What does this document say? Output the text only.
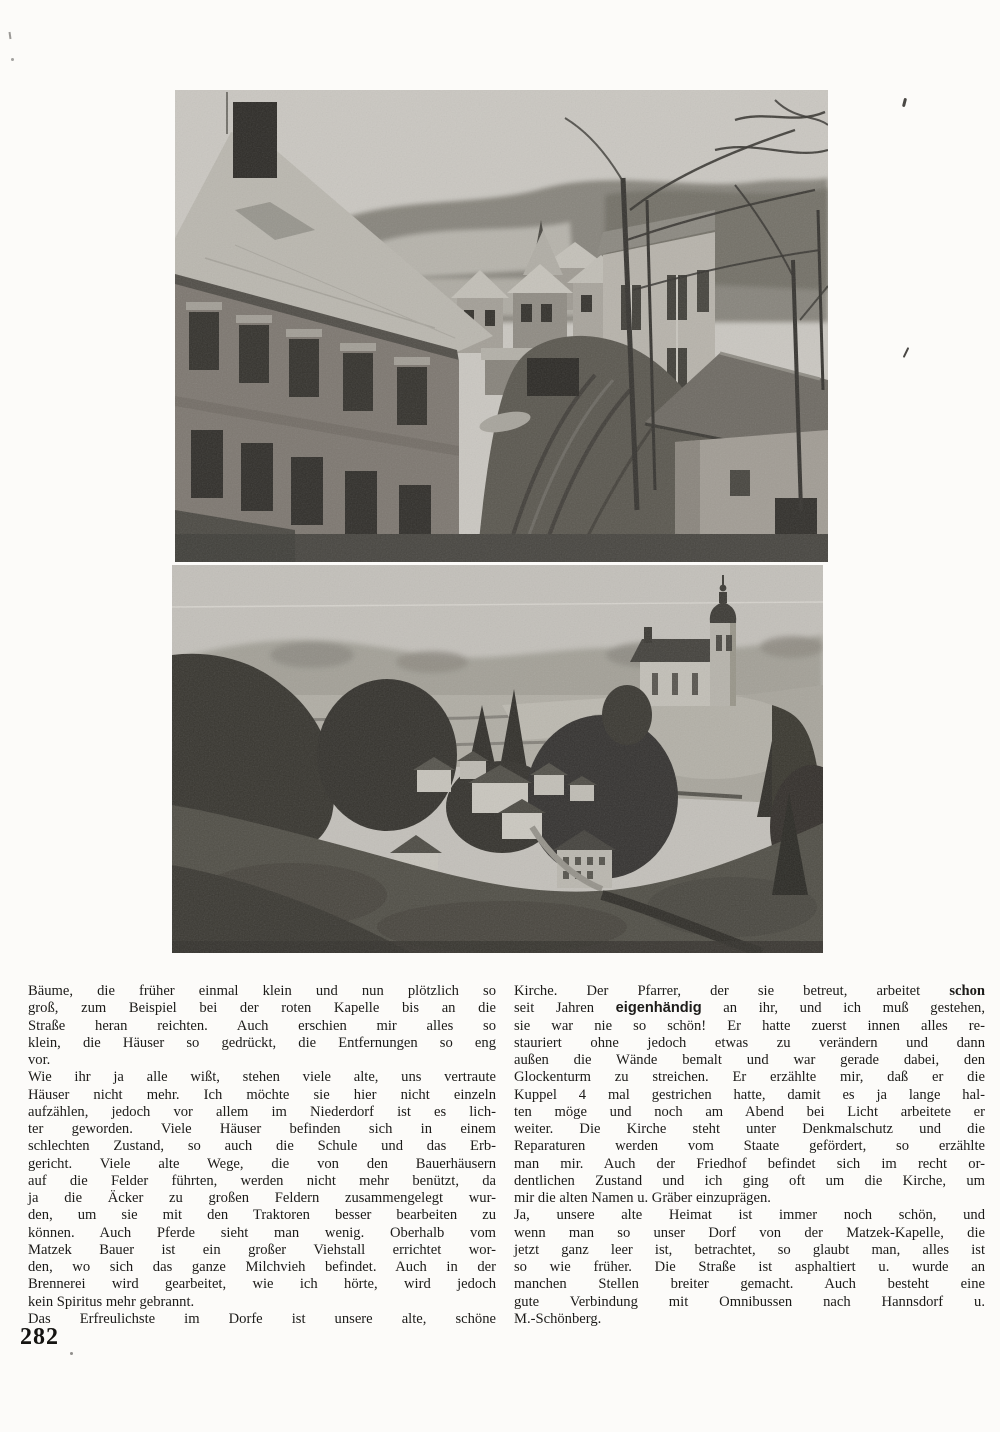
Bäume, die früher einmal klein und nun plötzlich so
groß, zum Beispiel bei der roten Kapelle bis an die
Straße heran reichten. Auch erschien mir alles so
klein, die Häuser so gedrückt, die Entfernungen so eng
vor.
Wie ihr ja alle wißt, stehen viele alte, uns vertraute
Häuser nicht mehr. Ich möchte sie hier nicht einzeln
aufzählen, jedoch vor allem im Niederdorf ist es lich-
ter geworden. Viele Häuser befinden sich in einem
schlechten Zustand, so auch die Schule und das Erb-
gericht. Viele alte Wege, die von den Bauerhäusern
auf die Felder führten, werden nicht mehr benützt, da
ja die Äcker zu großen Feldern zusammengelegt wur-
den, um sie mit den Traktoren besser bearbeiten zu
können. Auch Pferde sieht man wenig. Oberhalb vom
Matzek Bauer ist ein großer Viehstall errichtet wor-
den, wo sich das ganze Milchvieh befindet. Auch in der
Brennerei wird gearbeitet, wie ich hörte, wird jedoch
kein Spiritus mehr gebrannt.
Das Erfreulichste im Dorfe ist unsere alte, schöne
Kirche. Der Pfarrer, der sie betreut, arbeitet schon
seit Jahren eigenhändig an ihr, und ich muß gestehen,
sie war nie so schön! Er hatte zuerst innen alles re-
stauriert ohne jedoch etwas zu verändern und dann
außen die Wände bemalt und war gerade dabei, den
Glockenturm zu streichen. Er erzählte mir, daß er die
Kuppel 4 mal gestrichen hatte, damit es ja lange hal-
ten möge und noch am Abend bei Licht arbeitete er
weiter. Die Kirche steht unter Denkmalschutz und die
Reparaturen werden vom Staate gefördert, so erzählte
man mir. Auch der Friedhof befindet sich im recht or-
dentlichen Zustand und ich ging oft um die Kirche, um
mir die alten Namen u. Gräber einzuprägen.
Ja, unsere alte Heimat ist immer noch schön, und
wenn man so unser Dorf von der Matzek-Kapelle, die
jetzt ganz leer ist, betrachtet, so glaubt man, alles ist
so wie früher. Die Straße ist asphaltiert u. wurde an
manchen Stellen breiter gemacht. Auch besteht eine
gute Verbindung mit Omnibussen nach Hannsdorf u.
M.-Schönberg.
282
